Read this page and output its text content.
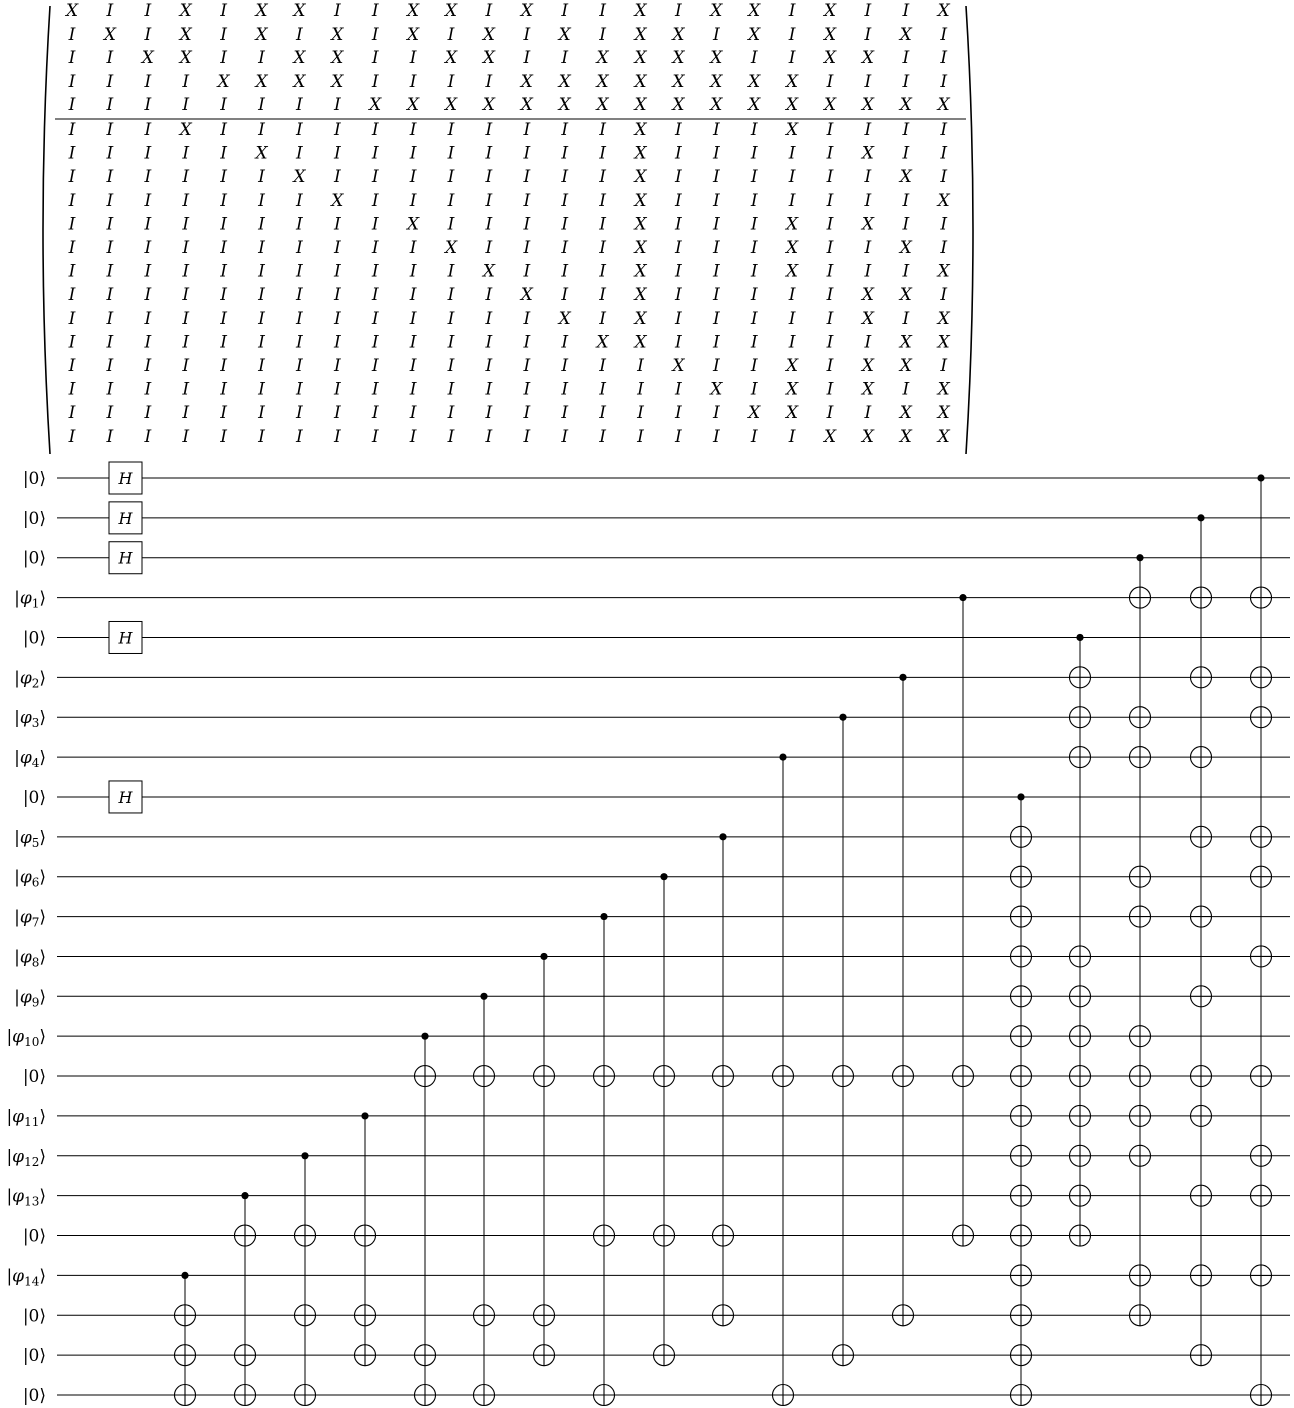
X I I X I X X I I X X I X I I X I X X I X I I X
I X I X I X I X I X I X I X I X X I X I X I X I
I I X X I I X X I I X X I I X X X X I I X X I I
I I I I X X X X I I I I X X X X X X X X I I I I
I I I I I I I I X X X X X X X X X X X X X X X X
I I I X I I I I I I I I I I I X I I I X I I I I
I I I I I X I I I I I I I I I X I I I I I X I I
I I I I I I X I I I I I I I I X I I I I I I X I
I I I I I I I X I I I I I I I X I I I I I I I X
I I I I I I I I I X I I I I I X I I I X I X I I
I I I I I I I I I I X I I I I X I I I X I I X I
I I I I I I I I I I I X I I I X I I I X I I I X
I I I I I I I I I I I I X I I X I I I I I X X I
I I I I I I I I I I I I I X I X I I I I I X I X
I I I I I I I I I I I I I I X X I I I I I I X X
I I I I I I I I I I I I I I I I X I I X I X X I
I I I I I I I I I I I I I I I I I X I X I X I X
I I I I I I I I I I I I I I I I I I X X I I X X
I I I I I I I I I I I I I I I I I I I I X X X X
|0⟩
|0⟩
|0⟩
$|\varphi_1⟩$
|0⟩
$|\varphi_2⟩$
$|\varphi_3⟩$
$|\varphi_4⟩$
|0⟩
$|\varphi_5⟩$
$|\varphi_6⟩$
$|\varphi_7⟩$
$|\varphi_8⟩$
$|\varphi_9⟩$
$|\varphi_{10}⟩$
|0⟩
$|\varphi_{11}⟩$
$|\varphi_{12}⟩$
$|\varphi_{13}⟩$
|0⟩
$|\varphi_{14}⟩$
|0⟩
|0⟩
|0⟩
H
H
H
H
H
